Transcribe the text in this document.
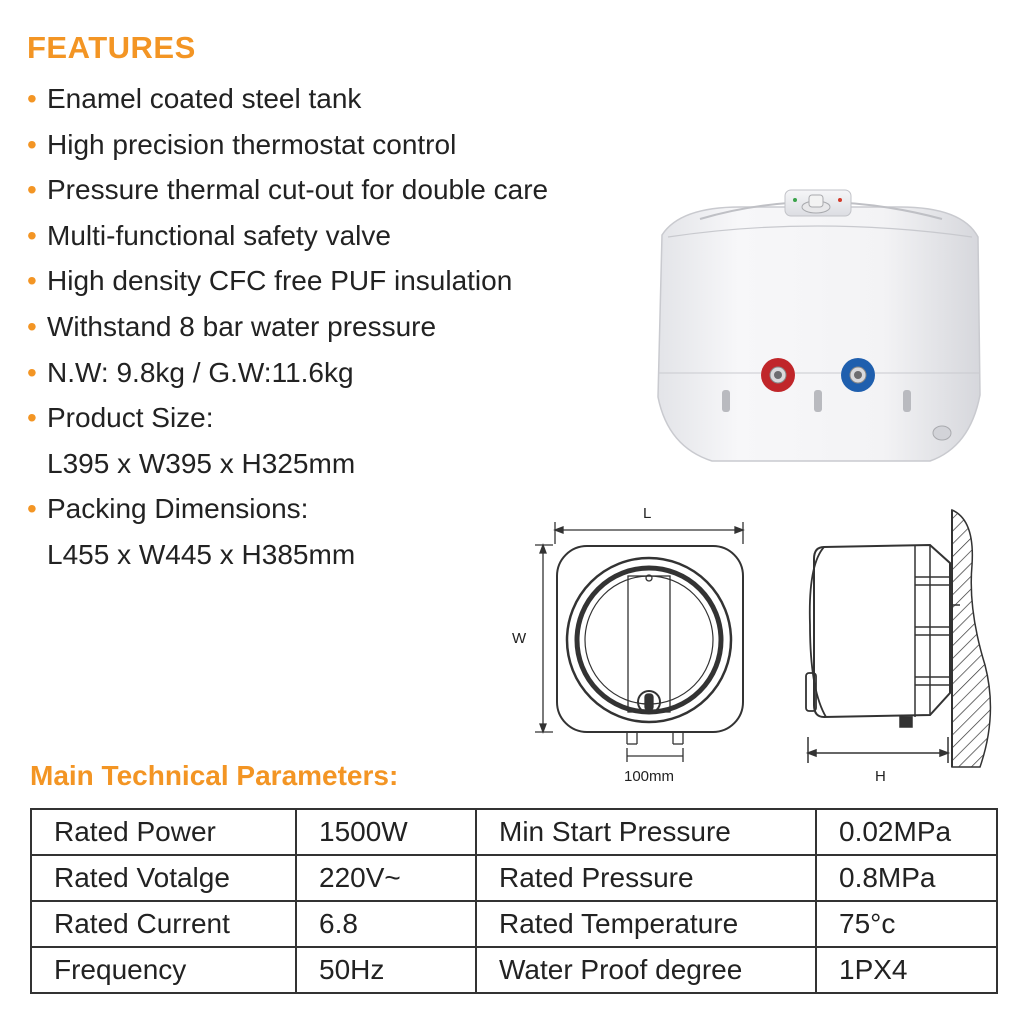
FEATURES
• Enamel coated steel tank
• High precision thermostat control
• Pressure thermal cut-out for double care
• Multi-functional safety valve
• High density CFC free PUF insulation
• Withstand 8 bar water pressure
• N.W: 9.8kg / G.W:11.6kg
• Product Size:
L395 x W395 x H325mm
• Packing Dimensions:
L455 x W445 x H385mm
L
W
100mm	H
Main Technical Parameters:
Rated Power	1500W	Min Start Pressure	0.02MPa
Rated Votalge	220V~	Rated Pressure	0.8MPa
Rated Current	6.8	Rated Temperature	75°c
Frequency	50Hz	Water Proof degree	1PX4
